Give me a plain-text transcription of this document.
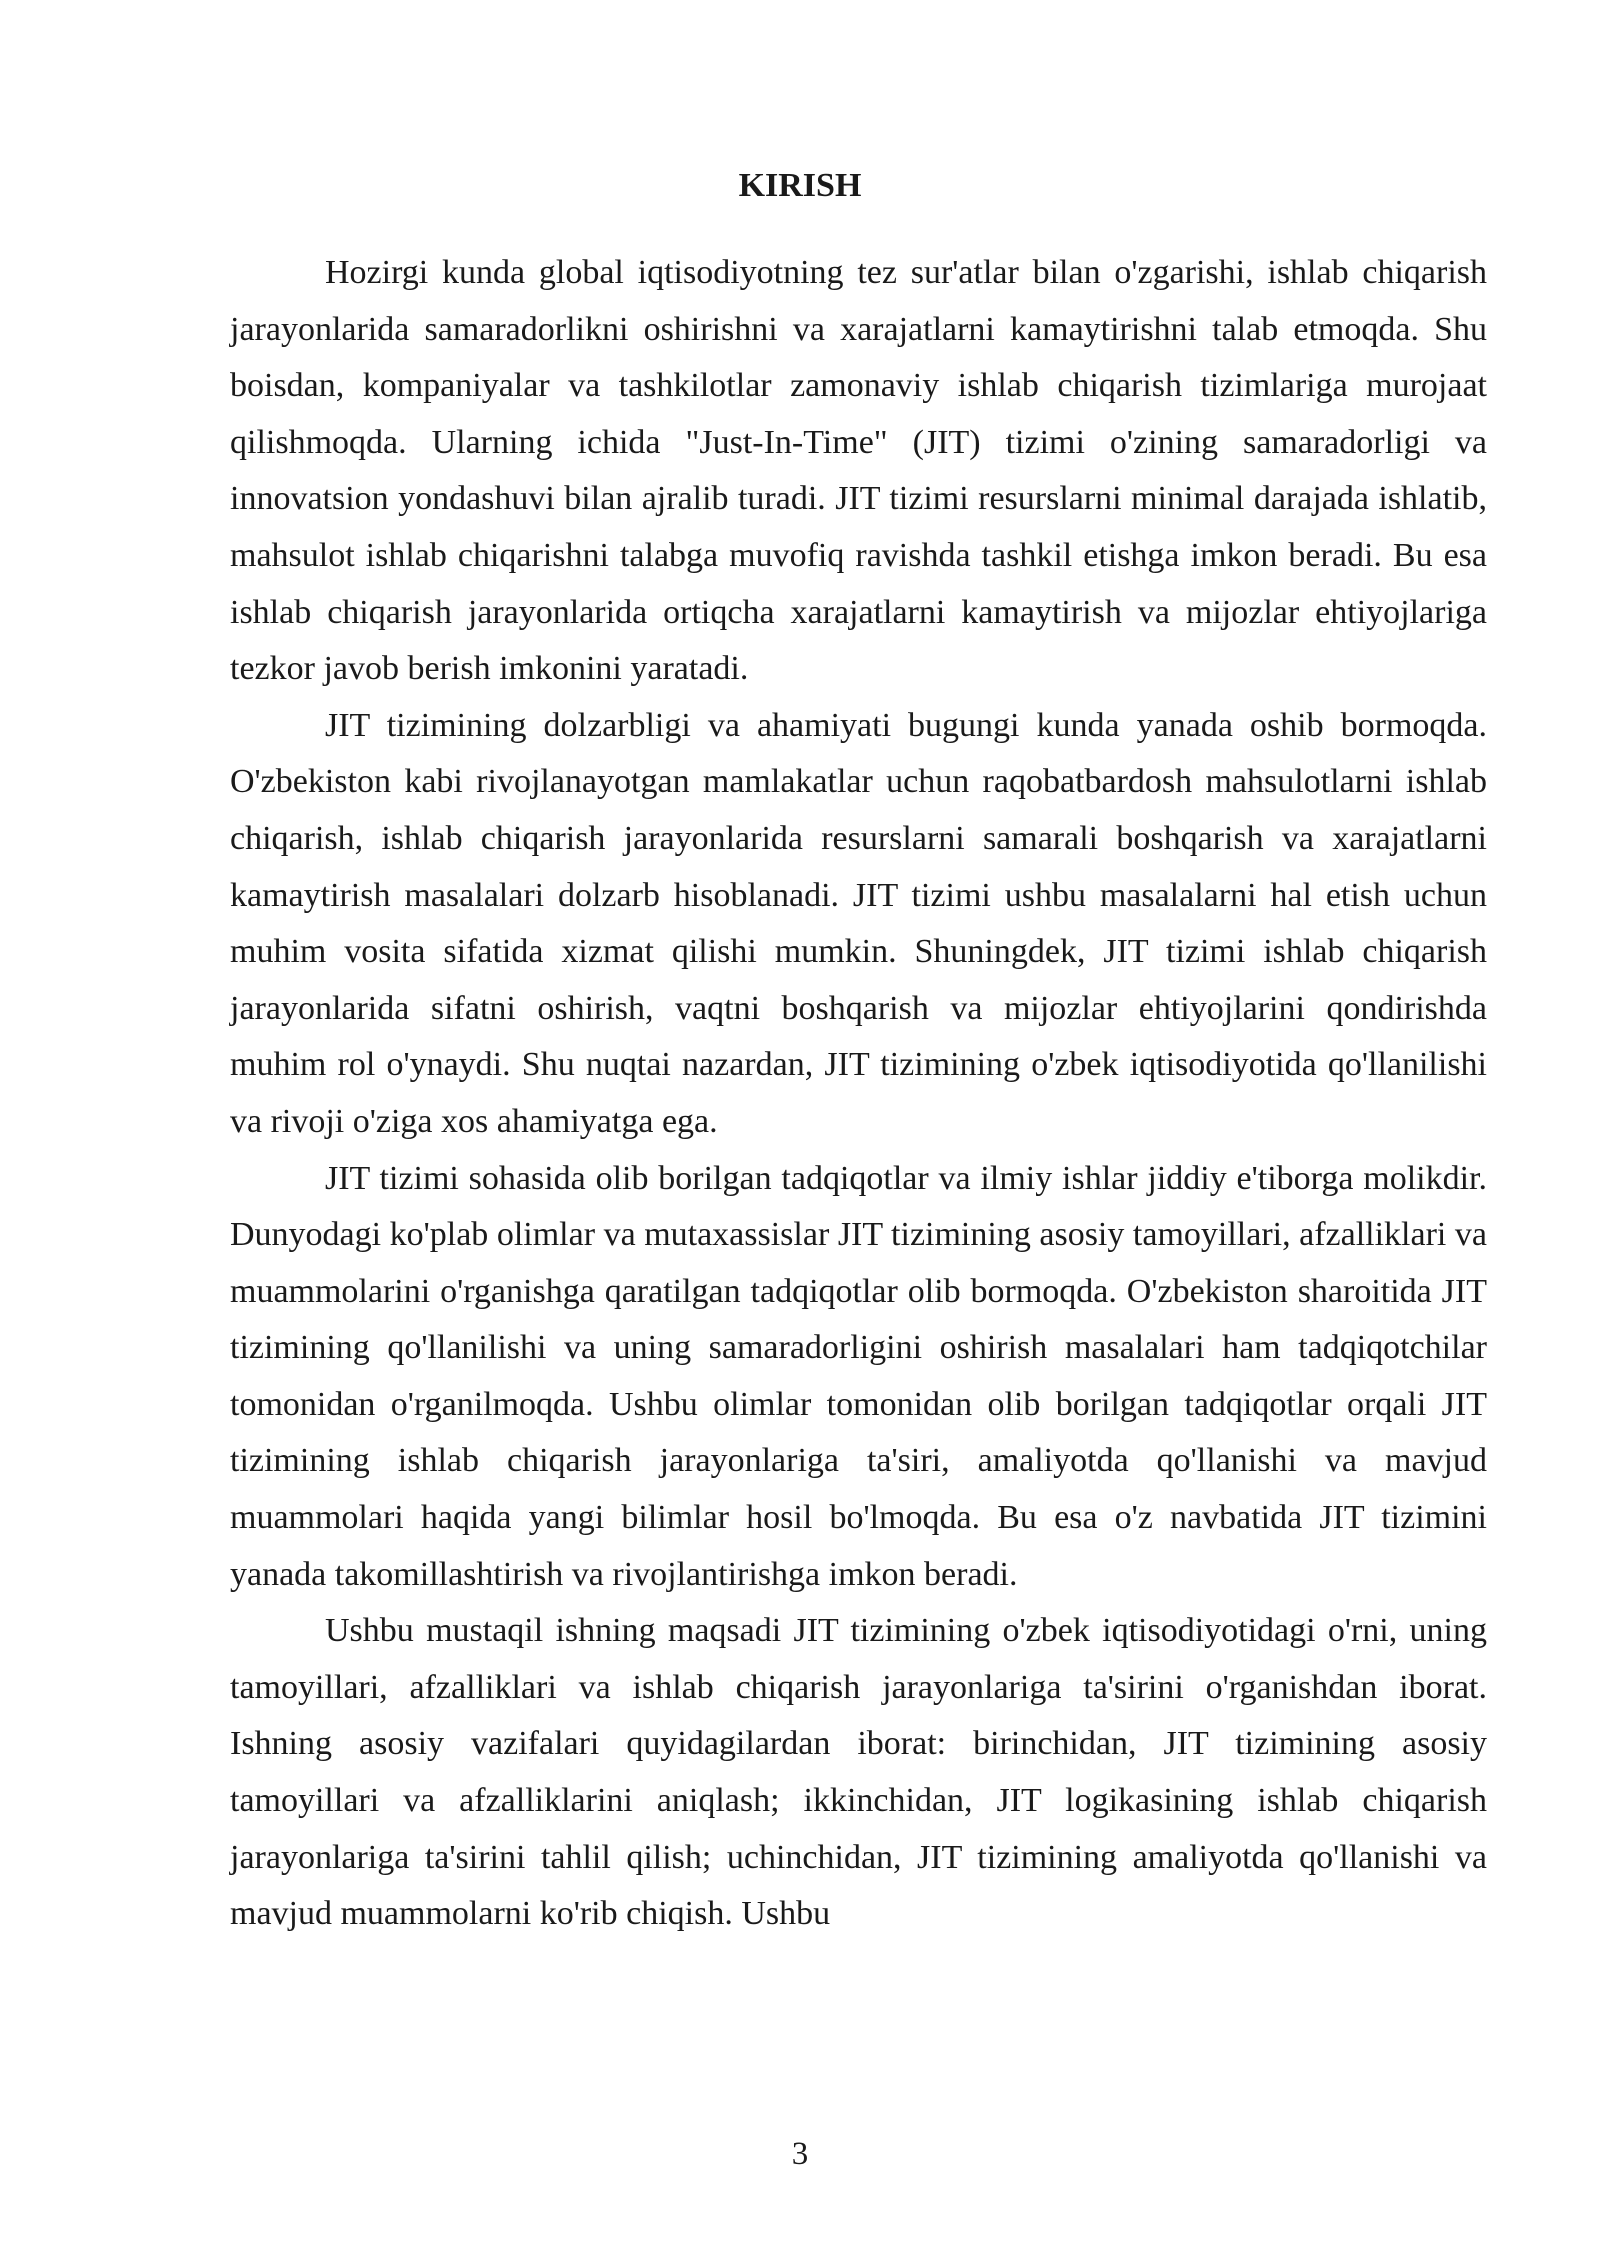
KIRISH

Hozirgi kunda global iqtisodiyotning tez sur'atlar bilan o'zgarishi, ishlab chiqarish jarayonlarida samaradorlikni oshirishni va xarajatlarni kamaytirishni talab etmoqda. Shu boisdan, kompaniyalar va tashkilotlar zamonaviy ishlab chiqarish tizimlariga murojaat qilishmoqda. Ularning ichida "Just-In-Time" (JIT) tizimi o'zining samaradorligi va innovatsion yondashuvi bilan ajralib turadi. JIT tizimi resurslarni minimal darajada ishlatib, mahsulot ishlab chiqarishni talabga muvofiq ravishda tashkil etishga imkon beradi. Bu esa ishlab chiqarish jarayonlarida ortiqcha xarajatlarni kamaytirish va mijozlar ehtiyojlariga tezkor javob berish imkonini yaratadi.

JIT tizimining dolzarbligi va ahamiyati bugungi kunda yanada oshib bormoqda. O'zbekiston kabi rivojlanayotgan mamlakatlar uchun raqobatbardosh mahsulotlarni ishlab chiqarish, ishlab chiqarish jarayonlarida resurslarni samarali boshqarish va xarajatlarni kamaytirish masalalari dolzarb hisoblanadi. JIT tizimi ushbu masalalarni hal etish uchun muhim vosita sifatida xizmat qilishi mumkin. Shuningdek, JIT tizimi ishlab chiqarish jarayonlarida sifatni oshirish, vaqtni boshqarish va mijozlar ehtiyojlarini qondirishda muhim rol o'ynaydi. Shu nuqtai nazardan, JIT tizimining o'zbek iqtisodiyotida qo'llanilishi va rivoji o'ziga xos ahamiyatga ega.

JIT tizimi sohasida olib borilgan tadqiqotlar va ilmiy ishlar jiddiy e'tiborga molikdir. Dunyodagi ko'plab olimlar va mutaxassislar JIT tizimining asosiy tamoyillari, afzalliklari va muammolarini o'rganishga qaratilgan tadqiqotlar olib bormoqda. O'zbekiston sharoitida JIT tizimining qo'llanilishi va uning samaradorligini oshirish masalalari ham tadqiqotchilar tomonidan o'rganilmoqda. Ushbu olimlar tomonidan olib borilgan tadqiqotlar orqali JIT tizimining ishlab chiqarish jarayonlariga ta'siri, amaliyotda qo'llanishi va mavjud muammolari haqida yangi bilimlar hosil bo'lmoqda. Bu esa o'z navbatida JIT tizimini yanada takomillashtirish va rivojlantirishga imkon beradi.

Ushbu mustaqil ishning maqsadi JIT tizimining o'zbek iqtisodiyotidagi o'rni, uning tamoyillari, afzalliklari va ishlab chiqarish jarayonlariga ta'sirini o'rganishdan iborat. Ishning asosiy vazifalari quyidagilardan iborat: birinchidan, JIT tizimining asosiy tamoyillari va afzalliklarini aniqlash; ikkinchidan, JIT logikasining ishlab chiqarish jarayonlariga ta'sirini tahlil qilish; uchinchidan, JIT tizimining amaliyotda qo'llanishi va mavjud muammolarni ko'rib chiqish. Ushbu

3
